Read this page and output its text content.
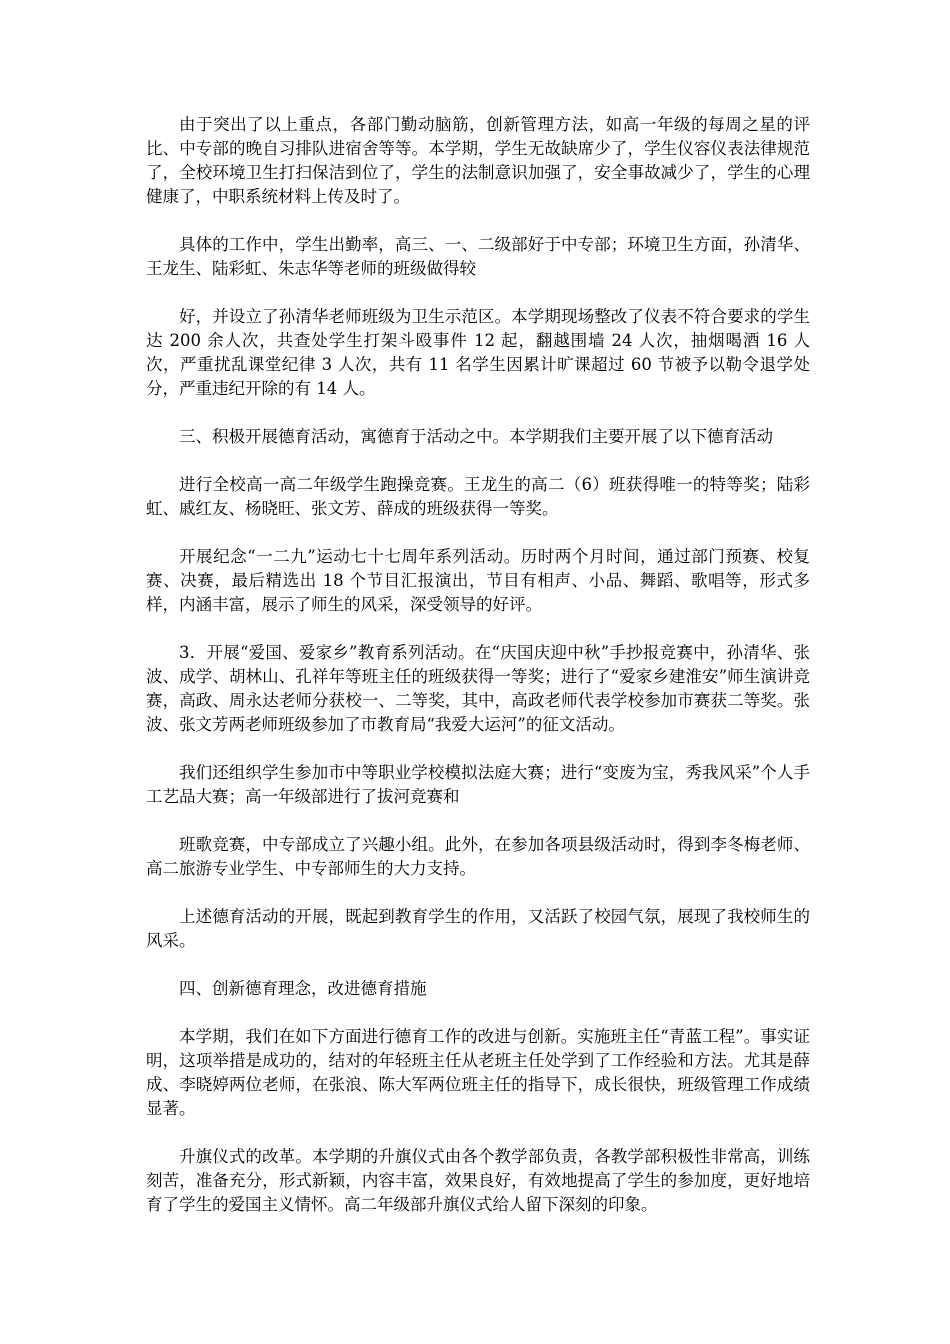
由于突出了以上重点，各部门勤动脑筋，创新管理方法，如高一年级的每周之星的评比、中专部的晚自习排队进宿舍等等。本学期，学生无故缺席少了，学生仪容仪表法律规范了，全校环境卫生打扫保洁到位了，学生的法制意识加强了，安全事故减少了，学生的心理健康了，中职系统材料上传及时了。

具体的工作中，学生出勤率，高三、一、二级部好于中专部；环境卫生方面，孙清华、王龙生、陆彩虹、朱志华等老师的班级做得较

好，并设立了孙清华老师班级为卫生示范区。本学期现场整改了仪表不符合要求的学生达 200 余人次，共查处学生打架斗殴事件 12 起，翻越围墙 24 人次，抽烟喝酒 16 人次，严重扰乱课堂纪律 3 人次，共有 11 名学生因累计旷课超过 60 节被予以勒令退学处分，严重违纪开除的有 14 人。

三、积极开展德育活动，寓德育于活动之中。本学期我们主要开展了以下德育活动

进行全校高一高二年级学生跑操竞赛。王龙生的高二（6）班获得唯一的特等奖；陆彩虹、戚红友、杨晓旺、张文芳、薛成的班级获得一等奖。

开展纪念“一二九”运动七十七周年系列活动。历时两个月时间，通过部门预赛、校复赛、决赛，最后精选出 18 个节目汇报演出，节目有相声、小品、舞蹈、歌唱等，形式多样，内涵丰富，展示了师生的风采，深受领导的好评。

3．开展“爱国、爱家乡”教育系列活动。在“庆国庆迎中秋”手抄报竞赛中，孙清华、张波、成学、胡林山、孔祥年等班主任的班级获得一等奖；进行了“爱家乡建淮安”师生演讲竞赛，高政、周永达老师分获校一、二等奖，其中，高政老师代表学校参加市赛获二等奖。张波、张文芳两老师班级参加了市教育局“我爱大运河”的征文活动。

我们还组织学生参加市中等职业学校模拟法庭大赛；进行“变废为宝，秀我风采”个人手工艺品大赛；高一年级部进行了拔河竞赛和

班歌竞赛，中专部成立了兴趣小组。此外，在参加各项县级活动时，得到李冬梅老师、高二旅游专业学生、中专部师生的大力支持。

上述德育活动的开展，既起到教育学生的作用，又活跃了校园气氛，展现了我校师生的风采。

四、创新德育理念，改进德育措施

本学期，我们在如下方面进行德育工作的改进与创新。实施班主任“青蓝工程”。事实证明，这项举措是成功的，结对的年轻班主任从老班主任处学到了工作经验和方法。尤其是薛成、李晓婷两位老师，在张浪、陈大军两位班主任的指导下，成长很快，班级管理工作成绩显著。

升旗仪式的改革。本学期的升旗仪式由各个教学部负责，各教学部积极性非常高，训练刻苦，准备充分，形式新颖，内容丰富，效果良好，有效地提高了学生的参加度，更好地培育了学生的爱国主义情怀。高二年级部升旗仪式给人留下深刻的印象。
